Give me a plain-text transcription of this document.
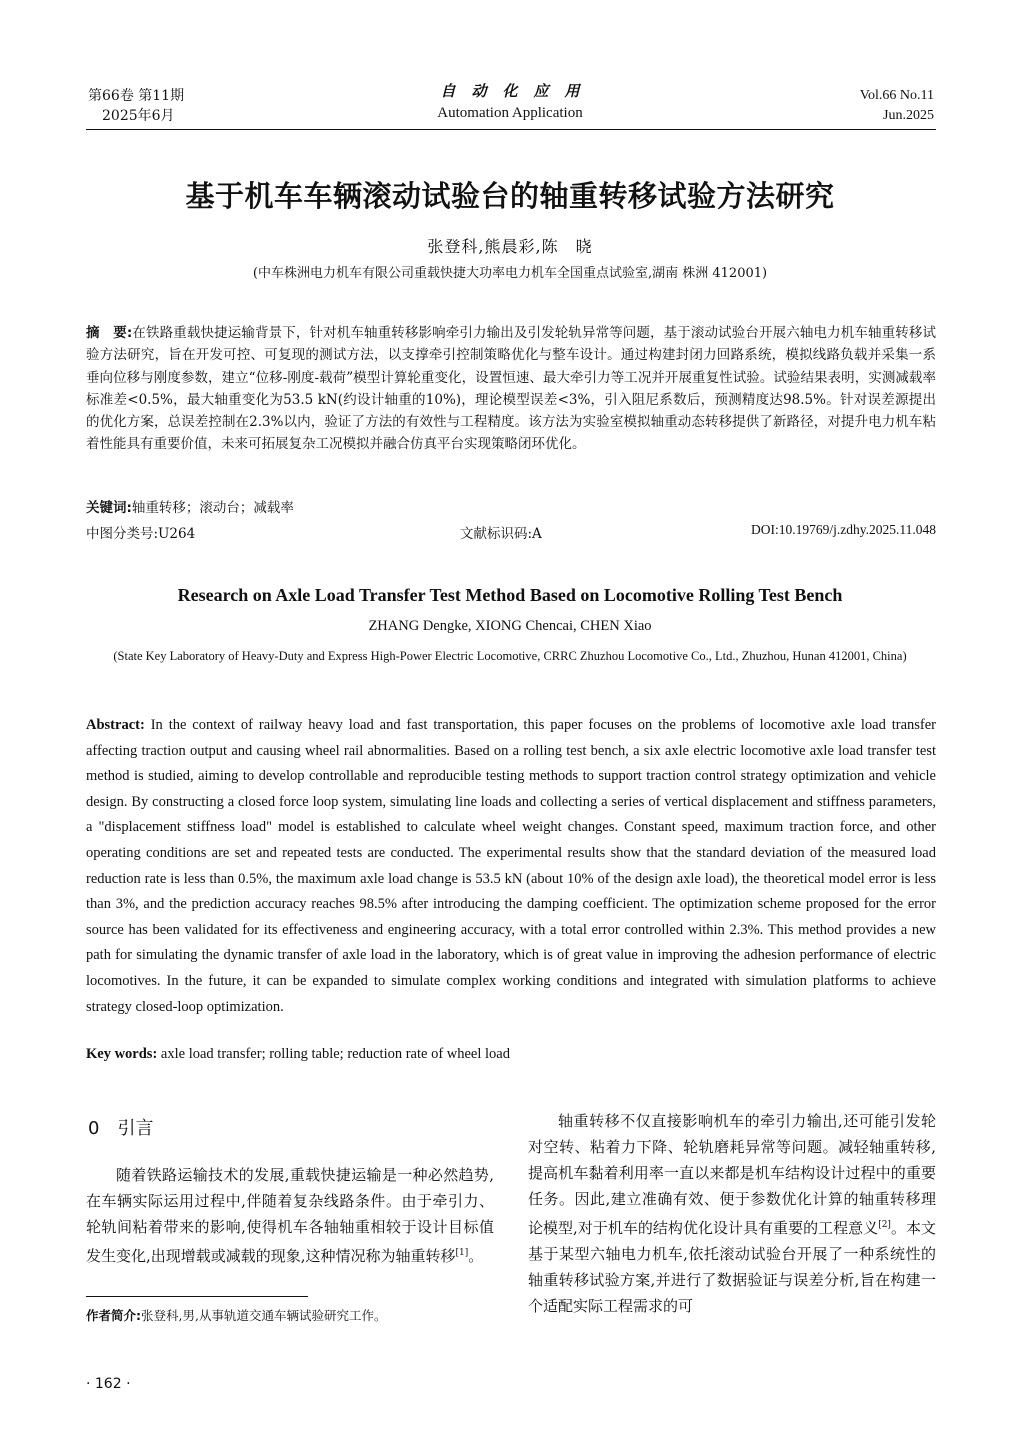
第66卷 第11期
2025年6月
自动化应用
Automation Application
Vol.66 No.11
Jun.2025
基于机车车辆滚动试验台的轴重转移试验方法研究
张登科,熊晨彩,陈　晓
(中车株洲电力机车有限公司重载快捷大功率电力机车全国重点试验室,湖南 株洲 412001)
摘　要:在铁路重载快捷运输背景下，针对机车轴重转移影响牵引力输出及引发轮轨异常等问题，基于滚动试验台开展六轴电力机车轴重转移试验方法研究，旨在开发可控、可复现的测试方法，以支撑牵引控制策略优化与整车设计。通过构建封闭力回路系统，模拟线路负载并采集一系垂向位移与刚度参数，建立“位移-刚度-载荷”模型计算轮重变化，设置恒速、最大牵引力等工况并开展重复性试验。试验结果表明，实测减载率标准差<0.5%，最大轴重变化为53.5 kN(约设计轴重的10%)，理论模型误差<3%，引入阻尼系数后，预测精度达98.5%。针对误差源提出的优化方案，总误差控制在2.3%以内，验证了方法的有效性与工程精度。该方法为实验室模拟轴重动态转移提供了新路径，对提升电力机车粘着性能具有重要价值，未来可拓展复杂工况模拟并融合仿真平台实现策略闭环优化。
关键词:轴重转移；滚动台；减载率
中图分类号:U264	文献标识码:A	DOI:10.19769/j.zdhy.2025.11.048
Research on Axle Load Transfer Test Method Based on Locomotive Rolling Test Bench
ZHANG Dengke, XIONG Chencai, CHEN Xiao
(State Key Laboratory of Heavy-Duty and Express High-Power Electric Locomotive, CRRC Zhuzhou Locomotive Co., Ltd., Zhuzhou, Hunan 412001, China)
Abstract: In the context of railway heavy load and fast transportation, this paper focuses on the problems of locomotive axle load transfer affecting traction output and causing wheel rail abnormalities. Based on a rolling test bench, a six axle electric locomotive axle load transfer test method is studied, aiming to develop controllable and reproducible testing methods to support traction control strategy optimization and vehicle design. By constructing a closed force loop system, simulating line loads and collecting a series of vertical displacement and stiffness parameters, a "displacement stiffness load" model is established to calculate wheel weight changes. Constant speed, maximum traction force, and other operating conditions are set and repeated tests are conducted. The experimental results show that the standard deviation of the measured load reduction rate is less than 0.5%, the maximum axle load change is 53.5 kN (about 10% of the design axle load), the theoretical model error is less than 3%, and the prediction accuracy reaches 98.5% after introducing the damping coefficient. The optimization scheme proposed for the error source has been validated for its effectiveness and engineering accuracy, with a total error controlled within 2.3%. This method provides a new path for simulating the dynamic transfer of axle load in the laboratory, which is of great value in improving the adhesion performance of electric locomotives. In the future, it can be expanded to simulate complex working conditions and integrated with simulation platforms to achieve strategy closed-loop optimization.
Key words: axle load transfer; rolling table; reduction rate of wheel load
0　引言
随着铁路运输技术的发展,重载快捷运输是一种必然趋势,在车辆实际运用过程中,伴随着复杂线路条件。由于牵引力、轮轨间粘着带来的影响,使得机车各轴轴重相较于设计目标值发生变化,出现增载或减载的现象,这种情况称为轴重转移[1]。
轴重转移不仅直接影响机车的牵引力输出,还可能引发轮对空转、粘着力下降、轮轨磨耗异常等问题。减轻轴重转移,提高机车黏着利用率一直以来都是机车结构设计过程中的重要任务。因此,建立准确有效、便于参数优化计算的轴重转移理论模型,对于机车的结构优化设计具有重要的工程意义[2]。本文基于某型六轴电力机车,依托滚动试验台开展了一种系统性的轴重转移试验方案,并进行了数据验证与误差分析,旨在构建一个适配实际工程需求的可
作者简介:张登科,男,从事轨道交通车辆试验研究工作。
· 162 ·
